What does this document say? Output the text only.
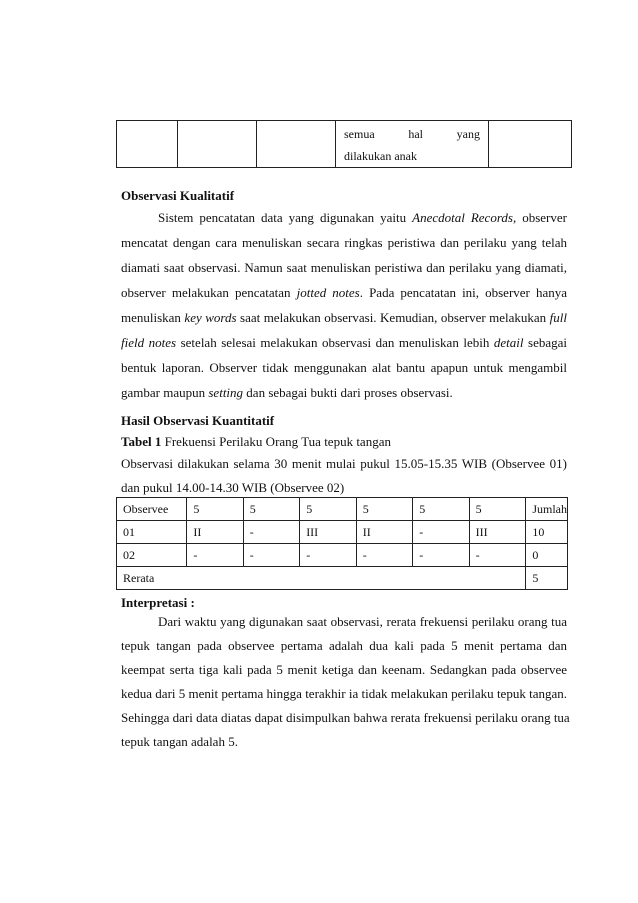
semua	hal	yang
dilakukan anak

Observasi Kualitatif
Sistem pencatatan data yang digunakan yaitu Anecdotal Records, observer
mencatat dengan cara menuliskan secara ringkas peristiwa dan perilaku yang telah
diamati saat observasi. Namun saat menuliskan peristiwa dan perilaku yang diamati,
observer melakukan pencatatan jotted notes. Pada pencatatan ini, observer hanya
menuliskan key words saat melakukan observasi. Kemudian, observer melakukan full
field notes setelah selesai melakukan observasi dan menuliskan lebih detail sebagai
bentuk laporan. Observer tidak menggunakan alat bantu apapun untuk mengambil
gambar maupun setting dan sebagai bukti dari proses observasi.
Hasil Observasi Kuantitatif
Tabel 1 Frekuensi Perilaku Orang Tua tepuk tangan
Observasi dilakukan selama 30 menit mulai pukul 15.05-15.35 WIB (Observee 01)
dan pukul 14.00-14.30 WIB (Observee 02)
Observee	5	5	5	5	5	5	Jumlah
01	II	-	III	II	-	III	10
02	-	-	-	-	-	-	0
Rerata							5
Interpretasi :
Dari waktu yang digunakan saat observasi, rerata frekuensi perilaku orang tua
tepuk tangan pada observee pertama adalah dua kali pada 5 menit pertama dan
keempat serta tiga kali pada 5 menit ketiga dan keenam. Sedangkan pada observee
kedua dari 5 menit pertama hingga terakhir ia tidak melakukan perilaku tepuk tangan.
Sehingga dari data diatas dapat disimpulkan bahwa rerata frekuensi perilaku orang tua
tepuk tangan adalah 5.
